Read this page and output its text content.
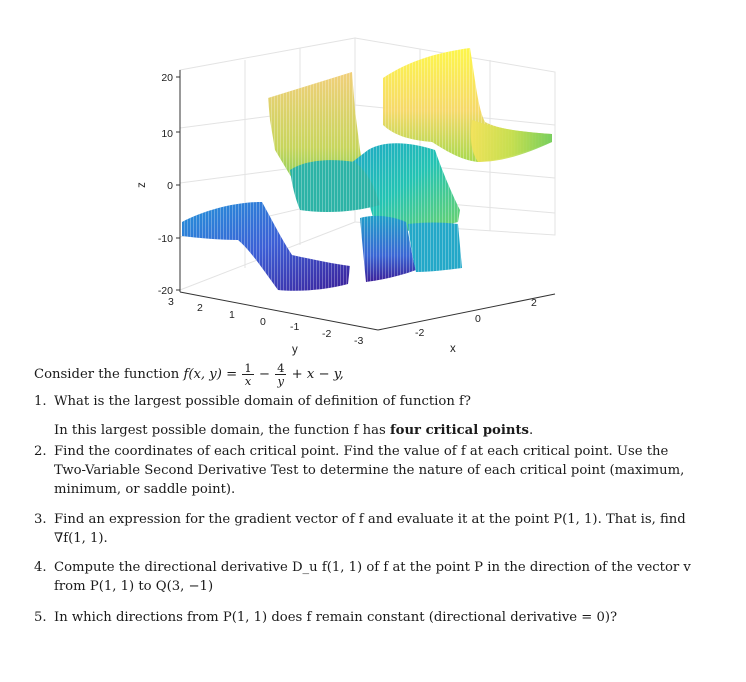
20
10
0
-10
-20
z
3 2
1
0 -1
-2
-3
y
-2
0
2
x
Consider the function f(x, $y) = \frac{1}{x} - \frac{4}{y} + x - y$,
1. What is the largest possible domain of definition of function f?

In this largest possible domain, the function f has four critical points.

2. Find the coordinates of each critical point. Find the value of f at each critical point. Use the Two-Variable Second Derivative Test to determine the nature of each critical point (maximum, minimum, or saddle point).

3. Find an expression for the gradient vector of f and evaluate it at the point P(1, 1). That is, find ∇f(1, 1).

4. Compute the directional derivative D_u f(1, 1) of f at the point P in the direction of the vector v from P(1, 1) to Q(3, −1)

5. In which directions from P(1, 1) does f remain constant (directional derivative = 0)?
